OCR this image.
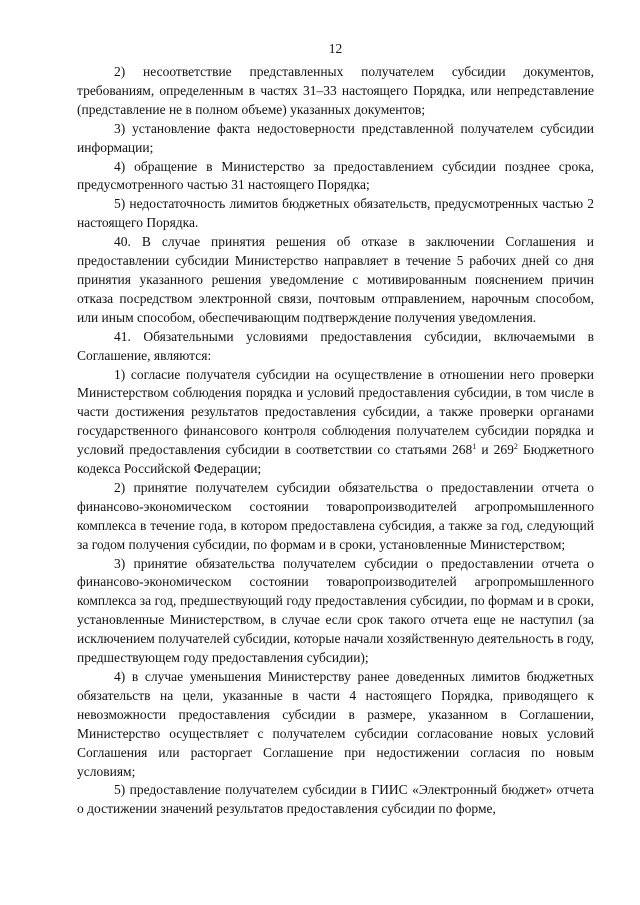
12

2) несоответствие представленных получателем субсидии документов, требованиям, определенным в частях 31–33 настоящего Порядка, или непредставление (представление не в полном объеме) указанных документов;

3) установление факта недостоверности представленной получателем субсидии информации;

4) обращение в Министерство за предоставлением субсидии позднее срока, предусмотренного частью 31 настоящего Порядка;

5) недостаточность лимитов бюджетных обязательств, предусмотренных частью 2 настоящего Порядка.

40. В случае принятия решения об отказе в заключении Соглашения и предоставлении субсидии Министерство направляет в течение 5 рабочих дней со дня принятия указанного решения уведомление с мотивированным пояснением причин отказа посредством электронной связи, почтовым отправлением, нарочным способом, или иным способом, обеспечивающим подтверждение получения уведомления.

41. Обязательными условиями предоставления субсидии, включаемыми в Соглашение, являются:

1) согласие получателя субсидии на осуществление в отношении него проверки Министерством соблюдения порядка и условий предоставления субсидии, в том числе в части достижения результатов предоставления субсидии, а также проверки органами государственного финансового контроля соблюдения получателем субсидии порядка и условий предоставления субсидии в соответствии со статьями $268^1$ и $269^2$ Бюджетного кодекса Российской Федерации;

2) принятие получателем субсидии обязательства о предоставлении отчета о финансово-экономическом состоянии товаропроизводителей агропромышленного комплекса в течение года, в котором предоставлена субсидия, а также за год, следующий за годом получения субсидии, по формам и в сроки, установленные Министерством;

3) принятие обязательства получателем субсидии о предоставлении отчета о финансово-экономическом состоянии товаропроизводителей агропромышленного комплекса за год, предшествующий году предоставления субсидии, по формам и в сроки, установленные Министерством, в случае если срок такого отчета еще не наступил (за исключением получателей субсидии, которые начали хозяйственную деятельность в году, предшествующем году предоставления субсидии);

4) в случае уменьшения Министерству ранее доведенных лимитов бюджетных обязательств на цели, указанные в части 4 настоящего Порядка, приводящего к невозможности предоставления субсидии в размере, указанном в Соглашении, Министерство осуществляет с получателем субсидии согласование новых условий Соглашения или расторгает Соглашение при недостижении согласия по новым условиям;

5) предоставление получателем субсидии в ГИИС «Электронный бюджет» отчета о достижении значений результатов предоставления субсидии по форме,
